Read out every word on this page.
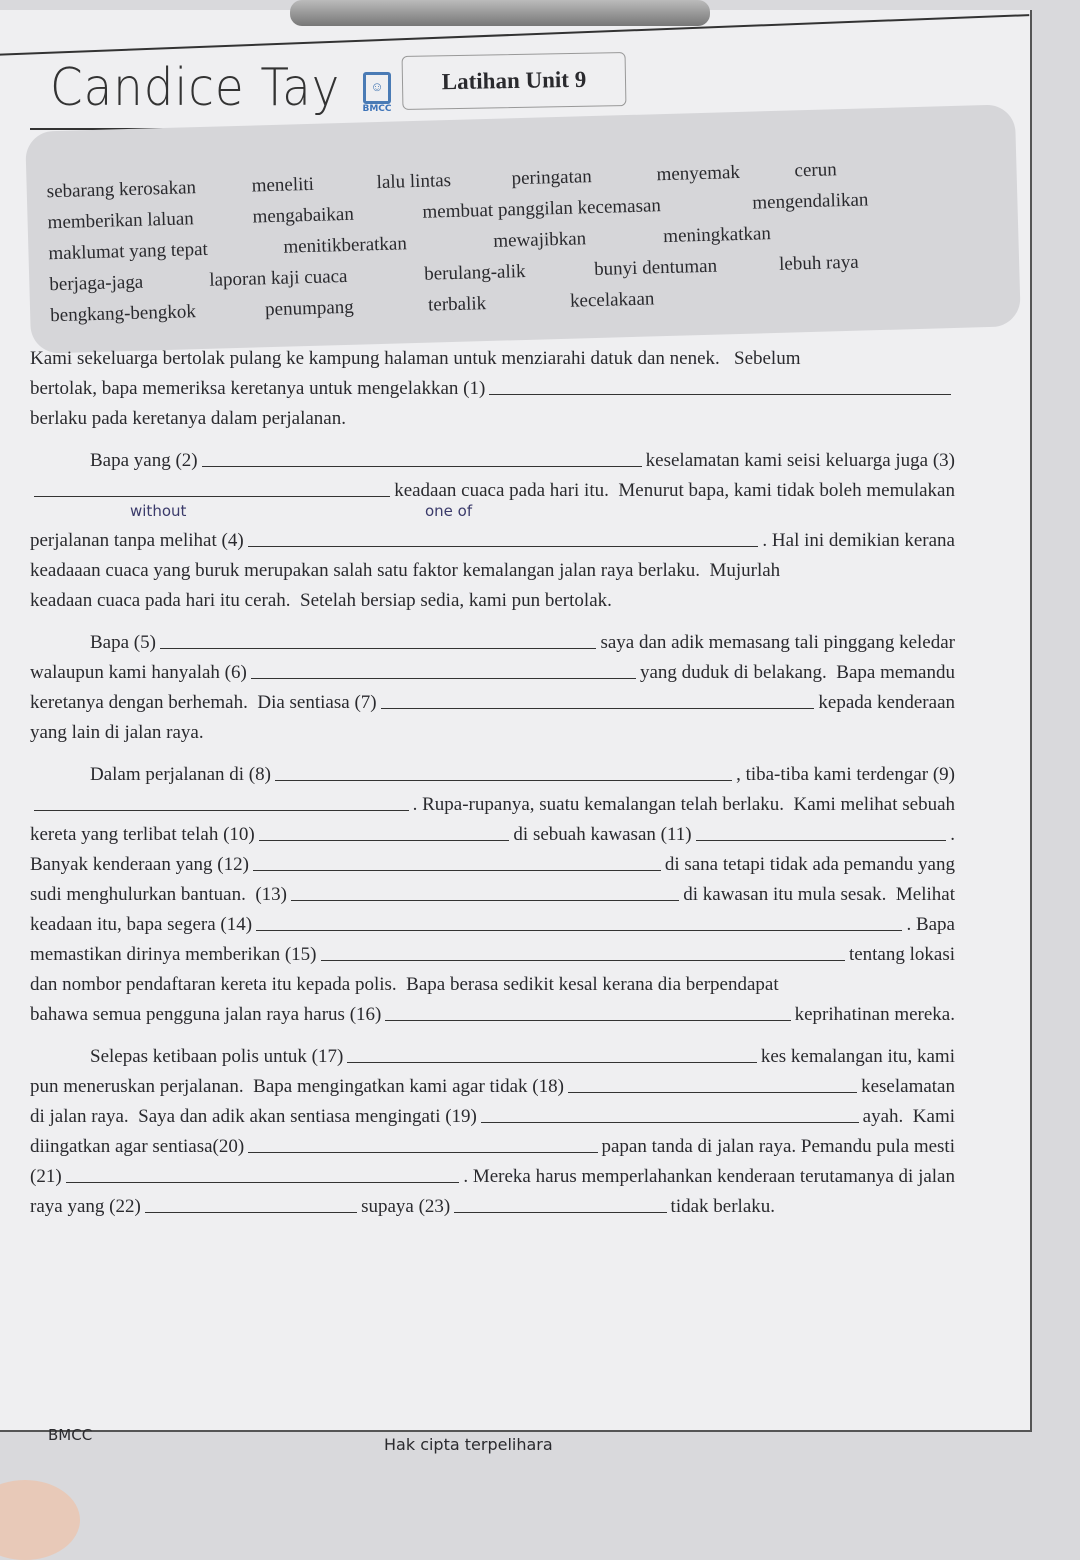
Candice Tay	☺
BMCC
Latihan Unit 9
sebarang kerosakan	meneliti	lalu lintas	peringatan	menyemak	cerun
memberikan laluan	mengabaikan	membuat panggilan kecemasan	mengendalikan
maklumat yang tepat	menitikberatkan	mewajibkan	meningkatkan
berjaga-jaga	laporan kaji cuaca	berulang-alik	bunyi dentuman	lebuh raya
bengkang-bengkok	penumpang	terbalik	kecelakaan
Kami sekeluarga bertolak pulang ke kampung halaman untuk menziarahi datuk dan nenek.   Sebelum
bertolak, bapa memeriksa keretanya untuk mengelakkan (1)
berlaku pada keretanya dalam perjalanan.
Bapa yang (2)	keselamatan kami seisi keluarga juga (3)
keadaan cuaca pada hari itu.  Menurut bapa, kami tidak boleh memulakan
perjalanan tanpa melihat (4)	. Hal ini demikian kerana
without	one of
keadaaan cuaca yang buruk merupakan salah satu faktor kemalangan jalan raya berlaku.  Mujurlah
keadaan cuaca pada hari itu cerah.  Setelah bersiap sedia, kami pun bertolak.
Bapa (5)	saya dan adik memasang tali pinggang keledar
walaupun kami hanyalah (6)	yang duduk di belakang.  Bapa memandu
keretanya dengan berhemah.  Dia sentiasa (7)	kepada kenderaan
yang lain di jalan raya.
Dalam perjalanan di (8)	, tiba-tiba kami terdengar (9)
. Rupa-rupanya, suatu kemalangan telah berlaku.  Kami melihat sebuah
kereta yang terlibat telah (10)	di sebuah kawasan (11)	.
Banyak kenderaan yang (12)	di sana tetapi tidak ada pemandu yang
sudi menghulurkan bantuan.  (13)	di kawasan itu mula sesak.  Melihat
keadaan itu, bapa segera (14)	. Bapa
memastikan dirinya memberikan (15)	tentang lokasi
dan nombor pendaftaran kereta itu kepada polis.  Bapa berasa sedikit kesal kerana dia berpendapat
bahawa semua pengguna jalan raya harus (16)	keprihatinan mereka.
Selepas ketibaan polis untuk (17)	kes kemalangan itu, kami
pun meneruskan perjalanan.  Bapa mengingatkan kami agar tidak (18)	keselamatan
di jalan raya.  Saya dan adik akan sentiasa mengingati (19)	ayah.  Kami
diingatkan agar sentiasa(20)	papan tanda di jalan raya. Pemandu pula mesti
(21)	. Mereka harus memperlahankan kenderaan terutamanya di jalan
raya yang (22)	supaya (23)	tidak berlaku.
BMCC	Hak cipta terpelihara
